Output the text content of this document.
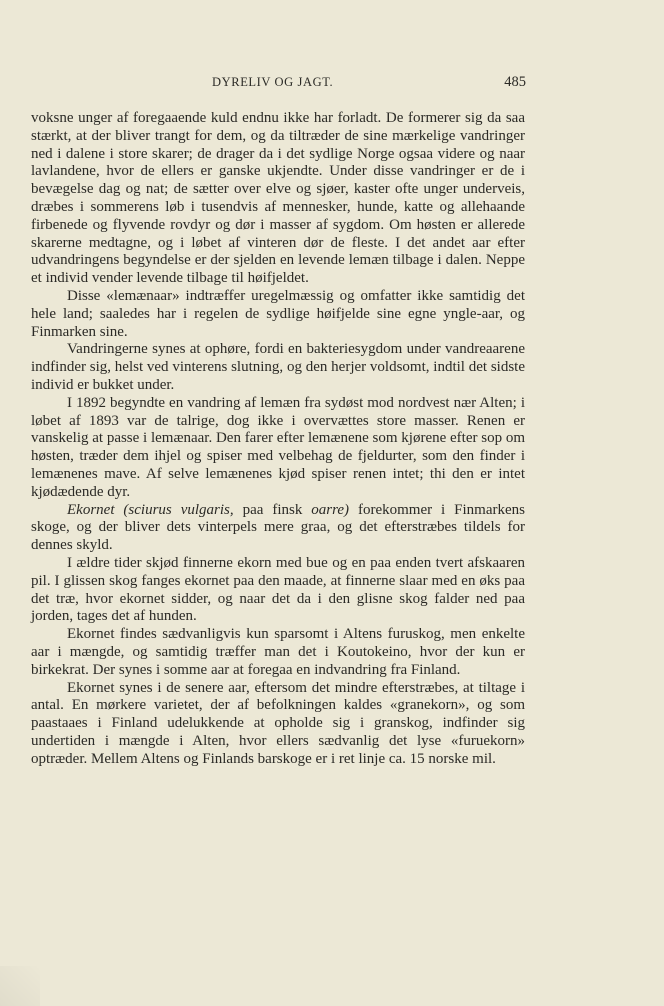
DYRELIV OG JAGT.	485

voksne unger af foregaaende kuld endnu ikke har forladt. De formerer sig da saa stærkt, at der bliver trangt for dem, og da tiltræder de sine mærkelige vandringer ned i dalene i store skarer; de drager da i det sydlige Norge ogsaa videre og naar lavlandene, hvor de ellers er ganske ukjendte. Under disse vandringer er de i bevægelse dag og nat; de sætter over elve og sjøer, kaster ofte unger underveis, dræbes i sommerens løb i tusendvis af mennesker, hunde, katte og allehaande firbenede og flyvende rovdyr og dør i masser af sygdom. Om høsten er allerede skarerne medtagne, og i løbet af vinteren dør de fleste. I det andet aar efter udvandringens begyndelse er der sjelden en levende lemæn tilbage i dalen. Neppe et individ vender levende tilbage til høifjeldet.

Disse «lemænaar» indtræffer uregelmæssig og omfatter ikke samtidig det hele land; saaledes har i regelen de sydlige høifjelde sine egne yngle-aar, og Finmarken sine.

Vandringerne synes at ophøre, fordi en bakteriesygdom under vandreaarene indfinder sig, helst ved vinterens slutning, og den herjer voldsomt, indtil det sidste individ er bukket under.

I 1892 begyndte en vandring af lemæn fra sydøst mod nordvest nær Alten; i løbet af 1893 var de talrige, dog ikke i overvættes store masser. Renen er vanskelig at passe i lemænaar. Den farer efter lemænene som kjørene efter sop om høsten, træder dem ihjel og spiser med velbehag de fjeldurter, som den finder i lemænenes mave. Af selve lemænenes kjød spiser renen intet; thi den er intet kjødædende dyr.

Ekornet (sciurus vulgaris, paa finsk oarre) forekommer i Finmarkens skoge, og der bliver dets vinterpels mere graa, og det efterstræbes tildels for dennes skyld.

I ældre tider skjød finnerne ekorn med bue og en paa enden tvert afskaaren pil. I glissen skog fanges ekornet paa den maade, at finnerne slaar med en øks paa det træ, hvor ekornet sidder, og naar det da i den glisne skog falder ned paa jorden, tages det af hunden.

Ekornet findes sædvanligvis kun sparsomt i Altens furuskog, men enkelte aar i mængde, og samtidig træffer man det i Koutokeino, hvor der kun er birkekrat. Der synes i somme aar at foregaa en indvandring fra Finland.

Ekornet synes i de senere aar, eftersom det mindre efterstræbes, at tiltage i antal. En mørkere varietet, der af befolkningen kaldes «granekorn», og som paastaaes i Finland udelukkende at opholde sig i granskog, indfinder sig undertiden i mængde i Alten, hvor ellers sædvanlig det lyse «furuekorn» optræder. Mellem Altens og Finlands barskoge er i ret linje ca. 15 norske mil.
